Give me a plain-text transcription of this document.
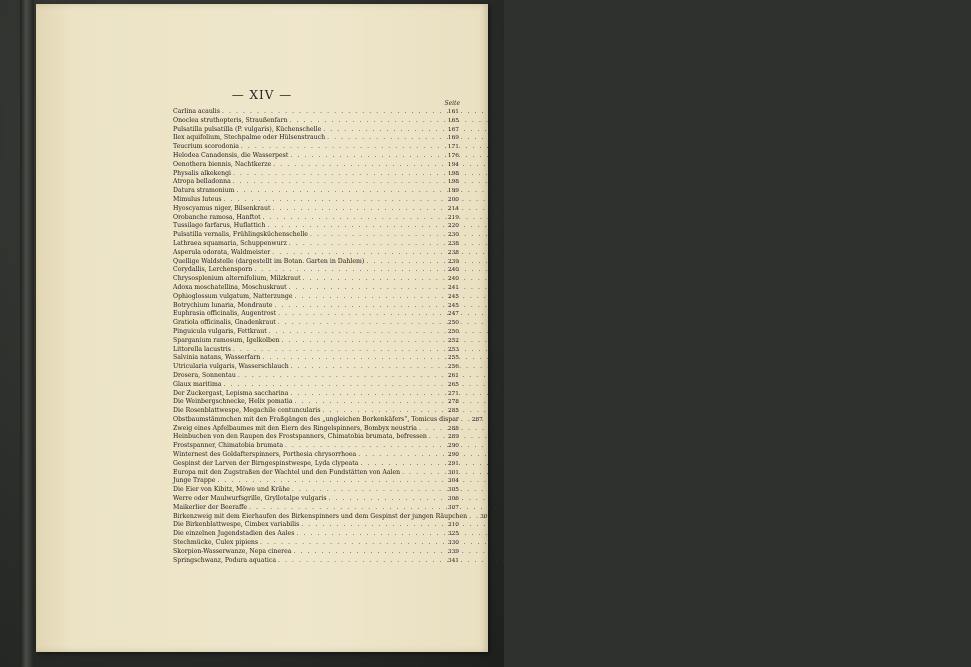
— XIV —
Seite
Carlina acaulis . . .	161
Onoclea struthopteris, Straußenfarn . . .	165
Pulsatilla pulsatilla (P. vulgaris), Küchenschelle . . .	167
Ilex aquifolium, Stechpalme oder Hülsenstrauch . . .	169
Teucrium scorodonia . . .	171
Helodea Canadensis, die Wasserpest . . .	176
Oenothera biennis, Nachtkerze . . .	194
Physalis alkekengi . . .	198
Atropa belladonna . . .	198
Datura stramonium . . .	199
Mimulus luteus . . .	200
Hyoscyamus niger, Bilsenkraut . . .	214
Orobanche ramosa, Hanftot . . .	219
Tussilago farfarus, Huflattich . . .	220
Pulsatilla vernalis, Frühlingsküchenschelle . . .	230
Lathraea squamaria, Schuppenwurz . . .	238
Asperula odorata, Waldmeister . . .	238
Quellige Waldstelle (dargestellt im Botan. Garten in Dahlem) . . .	239
Corydallis, Lerchensporn . . .	240
Chrysosplenium alternifolium, Milzkraut . . .	240
Adoxa moschatellina, Moschuskraut . . .	241
Ophioglossum vulgatum, Natterzunge . . .	245
Botrychium lunaria, Mondraute . . .	245
Euphrasia officinalis, Augentrost . . .	247
Gratiola officinalis, Gnadenkraut . . .	250
Pinguicula vulgaris, Fettkraut . . .	250
Sparganium ramosum, Igelkolben . . .	252
Littorella lacustris . . .	253
Salvinia natans, Wasserfarn . . .	255
Utricularia vulgaris, Wasserschlauch . . .	256
Drosera, Sonnentau . . .	261
Glaux maritima . . .	265
Der Zuckergast, Lepisma saccharina . . .	271
Die Weinbergschnecke, Helix pomatia . . .	278
Die Rosenblattwespe, Megachile centuncularis . . .	285
Obstbaumstämmchen mit den Fraßgängen des „ungleichen Borkenkäfers“, Tomicus dispar . . .	287
Zweig eines Apfelbaumes mit den Eiern des Ringelspinners, Bombyx neustria . . .	288
Heinbuchen von den Raupen des Frostspanners, Chimatobia brumata, befressen . . .	289
Frostspanner, Chimatobia brumata . . .	290
Winternest des Goldafterspinners, Porthesia chrysorrhoea . . .	290
Gespinst der Larven der Birngespinstwespe, Lyda clypeata . . .	291
Europa mit den Zugstraßen der Wachtel und den Fundstätten von Aalen . . .	301
Junge Trappe . . .	304
Die Eier von Kibitz, Möwe und Krähe . . .	305
Werre oder Maulwurfsgrille, Gryllotalpe vulgaris . . .	306
Maikerlier der Beeraffe . . .	307
Birkenzweig mit dem Eierhaufen des Birkenspinners und dem Gespinst der jungen Räupchen . . .	309
Die Birkenblattwespe, Cimbex variabilis . . .	310
Die einzelnen Jugendstadien des Aales . . .	325
Stechmücke, Culex pipiens . . .	330
Skorpion-Wasserwanze, Nepa cinerea . . .	339
Springschwanz, Podura aquatica . . .	341
